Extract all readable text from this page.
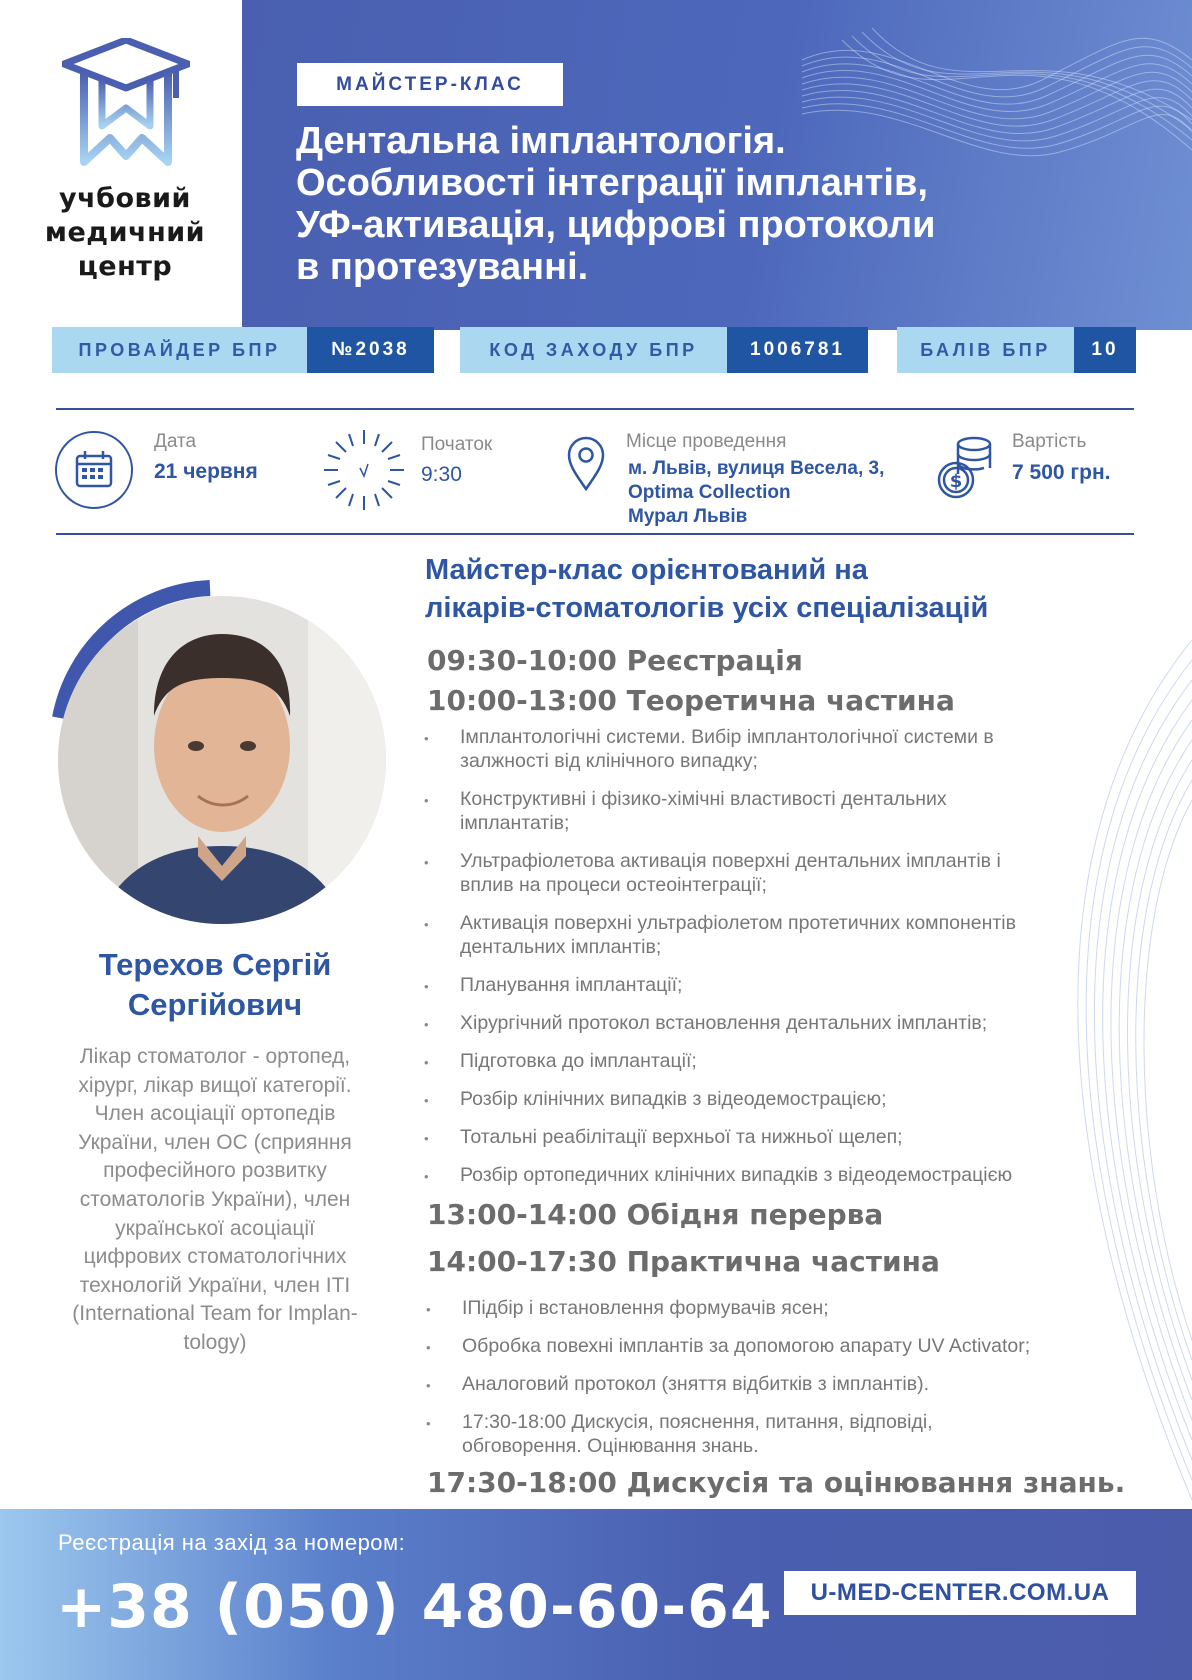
учбовий
медичний
центр
МАЙСТЕР-КЛАС
Дентальна імплантологія.
Особливості інтеграції імплантів,
УФ-активація, цифрові протоколи
в протезуванні.
ПРОВАЙДЕР БПР	№2038	КОД ЗАХОДУ БПР	1006781	БАЛІВ БПР	10
Дата
21 червня
Початок
9:30
Місце проведення
м. Львів, вулиця Весела, 3,
Optima Collection
Мурал Львів
$
Вартість
7 500 грн.
Терехов Сергій
Сергійович
Лікар стоматолог - ортопед,
хірург, лікар вищої категорії.
Член асоціації ортопедів
України, член ОС (сприяння
професійного розвитку
стоматологів України), член
української асоціації
цифрових стоматологічних
технологій України, член ITI
(International Team for Implan-
tology)
Майстер-клас орієнтований на
лікарів-стоматологів усіх спеціалізацій
09:30-10:00 Реєстрація
10:00-13:00 Теоретична частина
• Імплантологічні системи. Вибір імплантологічної системи в
залжності від клінічного випадку;
• Конструктивні і фізико-хімічні властивості дентальних
імплантатів;
• Ультрафіолетова активація поверхні дентальних імплантів і
вплив на процеси остеоінтеграції;
• Активація поверхні ультрафіолетом протетичних компонентів
дентальних імплантів;
• Планування імплантації;
• Хірургічний протокол встановлення дентальних імплантів;
• Підготовка до імплантації;
• Розбір клінічних випадків з відеодемострацією;
• Тотальні реабілітації верхньої та нижньої щелеп;
• Розбір ортопедичних клінічних випадків з відеодемострацією
13:00-14:00 Обідня перерва
14:00-17:30 Практична частина
• ІПідбір і встановлення формувачів ясен;
• Обробка повехні імплантів за допомогою апарату UV Activator;
• Аналоговий протокол (зняття відбитків з імплантів).
• 17:30-18:00 Дискусія, пояснення, питання, відповіді,
обговорення. Оцінювання знань.
17:30-18:00 Дискусія та оцінювання знань.
Реєстрація на захід за номером:
+38 (050) 480-60-64	U-MED-CENTER.COM.UA
